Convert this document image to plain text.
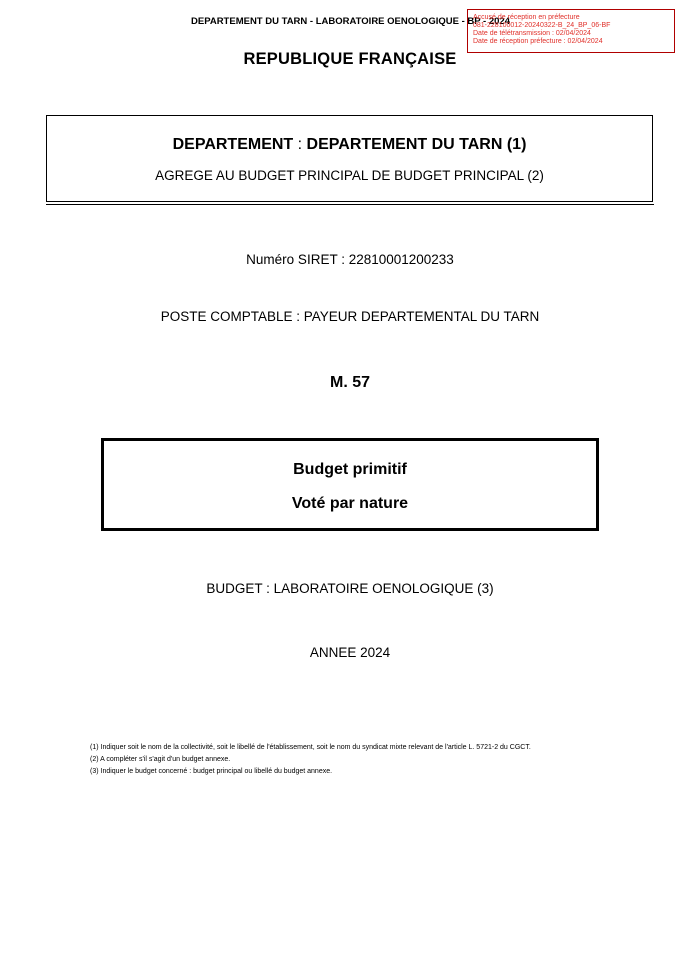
DEPARTEMENT DU TARN - LABORATOIRE OENOLOGIQUE - BP - 2024
Accusé de réception en préfecture
081-228100012-20240322-B_24_BP_06-BF
Date de télétransmission : 02/04/2024
Date de réception préfecture : 02/04/2024
REPUBLIQUE FRANÇAISE
DEPARTEMENT : DEPARTEMENT DU TARN (1)
AGREGE AU BUDGET PRINCIPAL DE BUDGET PRINCIPAL (2)
Numéro SIRET : 22810001200233
POSTE COMPTABLE : PAYEUR DEPARTEMENTAL DU TARN
M. 57
Budget primitif
Voté par nature
BUDGET : LABORATOIRE OENOLOGIQUE (3)
ANNEE 2024
(1) Indiquer soit le nom de la collectivité, soit le libellé de l'établissement, soit le nom du syndicat mixte relevant de l'article L. 5721-2 du CGCT.
(2) A compléter s'il s'agit d'un budget annexe.
(3) Indiquer le budget concerné : budget principal ou libellé du budget annexe.
